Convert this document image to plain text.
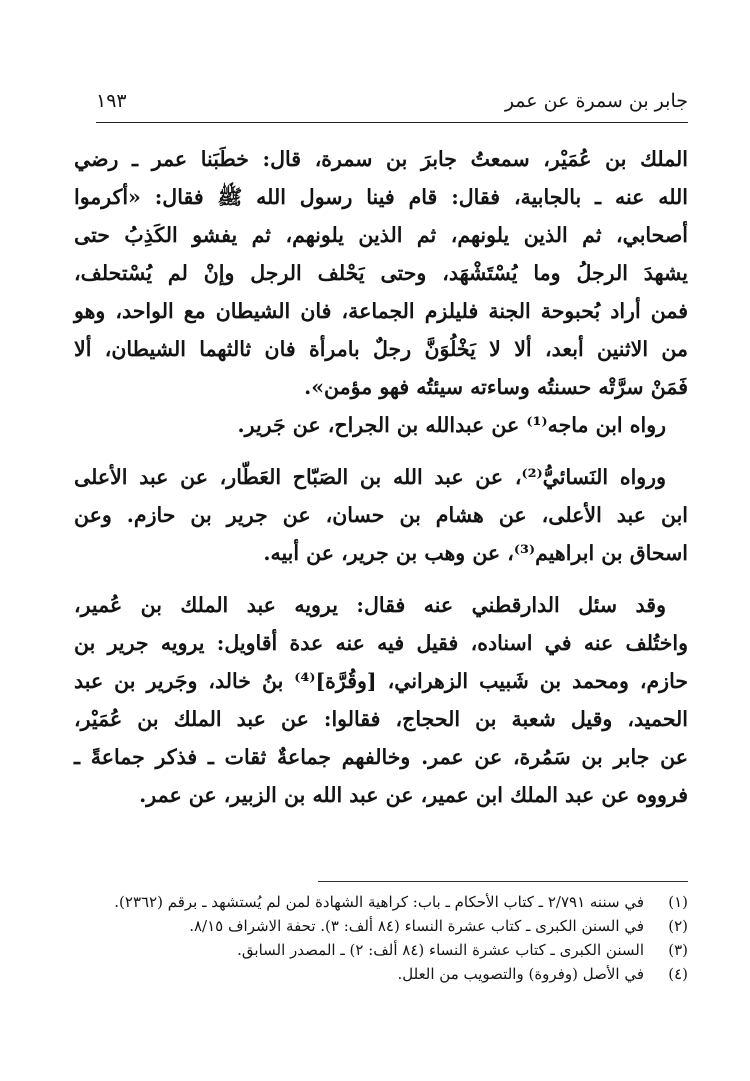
جابر بن سمرة عن عمر
١٩٣

الملك بن عُمَيْر، سمعتُ جابرَ بن سمرة، قال: خطَبَنا عمر ـ رضي
الله عنه ـ بالجابية، فقال: قام فينا رسول الله ﷺ فقال: «أكرموا
أصحابي، ثم الذين يلونهم، ثم الذين يلونهم، ثم يفشو الكَذِبُ حتى
يشهدَ الرجلُ وما يُسْتَشْهَد، وحتى يَحْلف الرجل وإنْ لم يُسْتحلف،
فمن أراد بُحبوحة الجنة فليلزم الجماعة، فان الشيطان مع الواحد، وهو
من الاثنين أبعد، ألا لا يَخْلُوَنَّ رجلٌ بامرأة فان ثالثهما الشيطان، ألا
فَمَنْ سرَّتْه حسنتُه وساءته سيئتُه فهو مؤمن».

رواه ابن ماجه⁽¹⁾ عن عبدالله بن الجراح، عن جَرير.

ورواه النَسائيُّ⁽²⁾، عن عبد الله بن الصَبّاح العَطّار، عن عبد الأعلى
ابن عبد الأعلى، عن هشام بن حسان، عن جرير بن حازم. وعن
اسحاق بن ابراهيم⁽³⁾، عن وهب بن جرير، عن أبيه.

وقد سئل الدارقطني عنه فقال: يرويه عبد الملك بن عُمير،
واختُلف عنه في اسناده، فقيل فيه عنه عدة أقاويل: يرويه جرير بن
حازم، ومحمد بن شَبيب الزهراني، [وقُرَّة]⁽⁴⁾ بنُ خالد، وجَرير بن عبد
الحميد، وقيل شعبة بن الحجاج، فقالوا: عن عبد الملك بن عُمَيْر،
عن جابر بن سَمُرة، عن عمر. وخالفهم جماعةٌ ثقات ـ فذكر جماعةً ـ
فرووه عن عبد الملك ابن عمير، عن عبد الله بن الزبير، عن عمر.

(١)
في سننه ٢/٧٩١ ـ كتاب الأحكام ـ باب: كراهية الشهادة لمن لم يُستشهد ـ برقم (٢٣٦٢).
(٢)
في السنن الكبرى ـ كتاب عشرة النساء (٨٤ ألف: ٣). تحفة الاشراف ٨/١٥.
(٣)
السنن الكبرى ـ كتاب عشرة النساء (٨٤ ألف: ٢) ـ المصدر السابق.
(٤)
في الأصل (وفروة) والتصويب من العلل.
